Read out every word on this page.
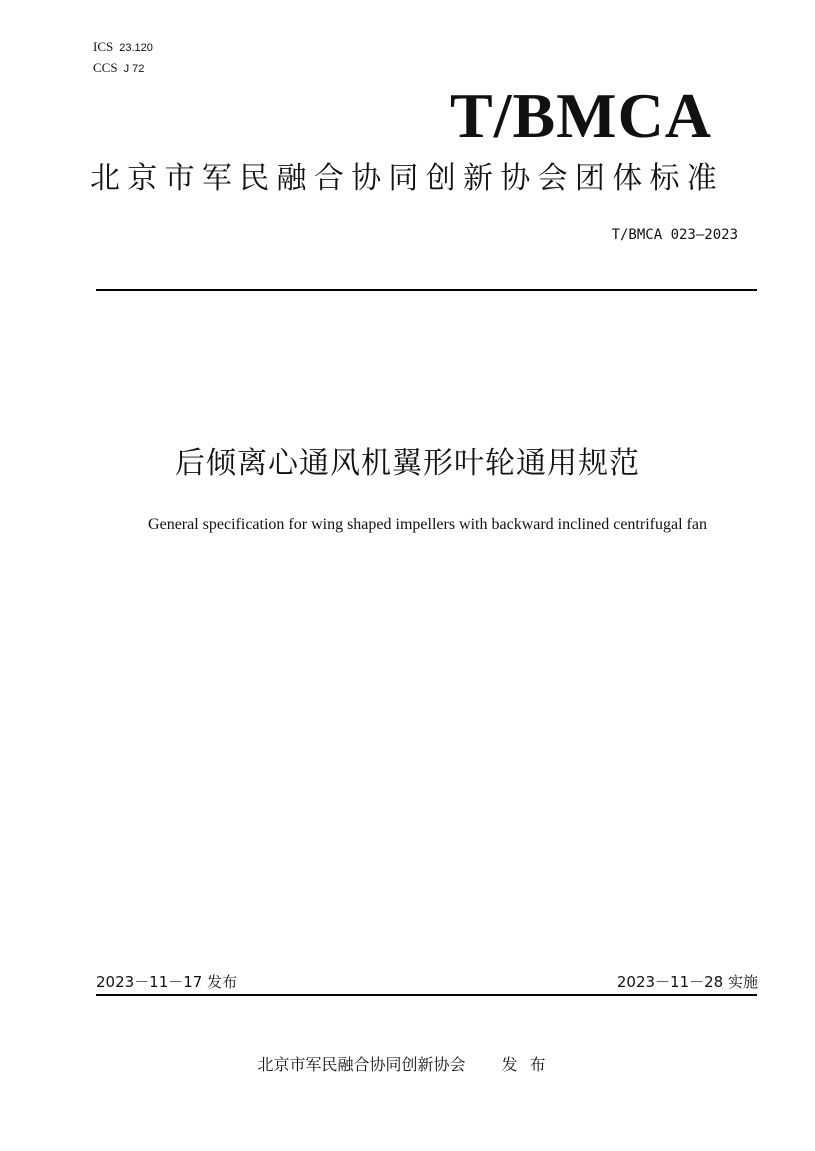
ICS 23.120
CCS J 72
T/BMCA
北京市军民融合协同创新协会团体标准
T/BMCA 023—2023
后倾离心通风机翼形叶轮通用规范
General specification for wing shaped impellers with backward inclined centrifugal fan
2023－11－17 发布	2023－11－28 实施
北京市军民融合协同创新协会 发布
